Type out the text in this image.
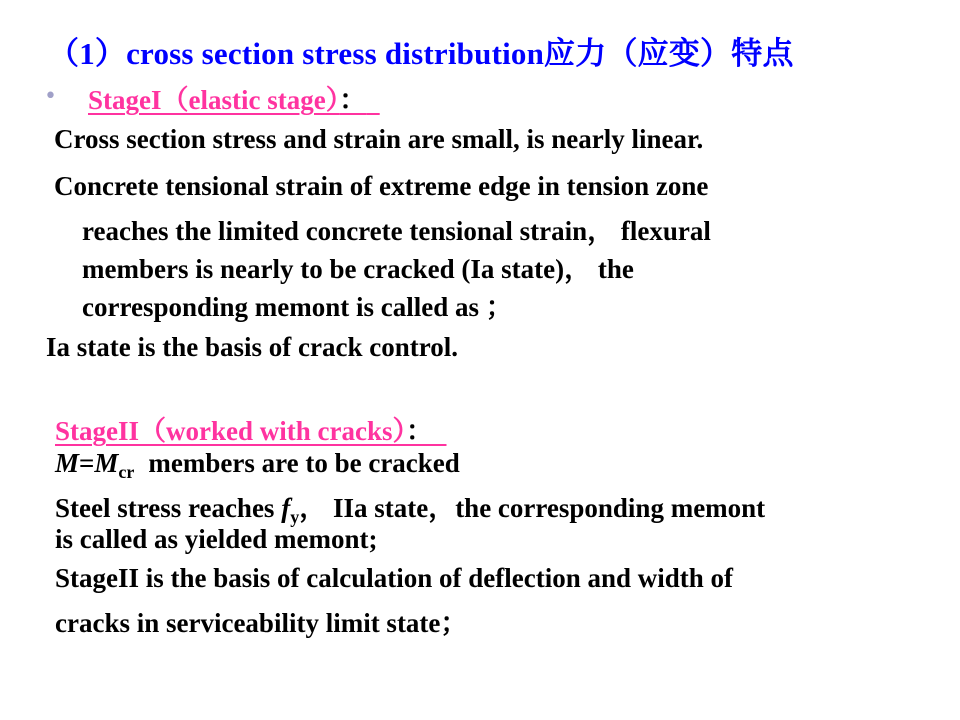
（1）cross section stress distribution应力（应变）特点
• StageI（elastic stage）：
Cross section stress and strain are small, is nearly linear.
Concrete tensional strain of extreme edge in tension zone
reaches the limited concrete tensional strain， flexural
members is nearly to be cracked (Ia state)， the
corresponding memont is called as ；
Ia state is the basis of crack control.
StageII（worked with cracks）：
$M=M_{cr}$ members are to be cracked
Steel stress reaches $f_y$， IIa state，the corresponding memont
is called as yielded memont;
StageII is the basis of calculation of deflection and width of
cracks in serviceability limit state；
